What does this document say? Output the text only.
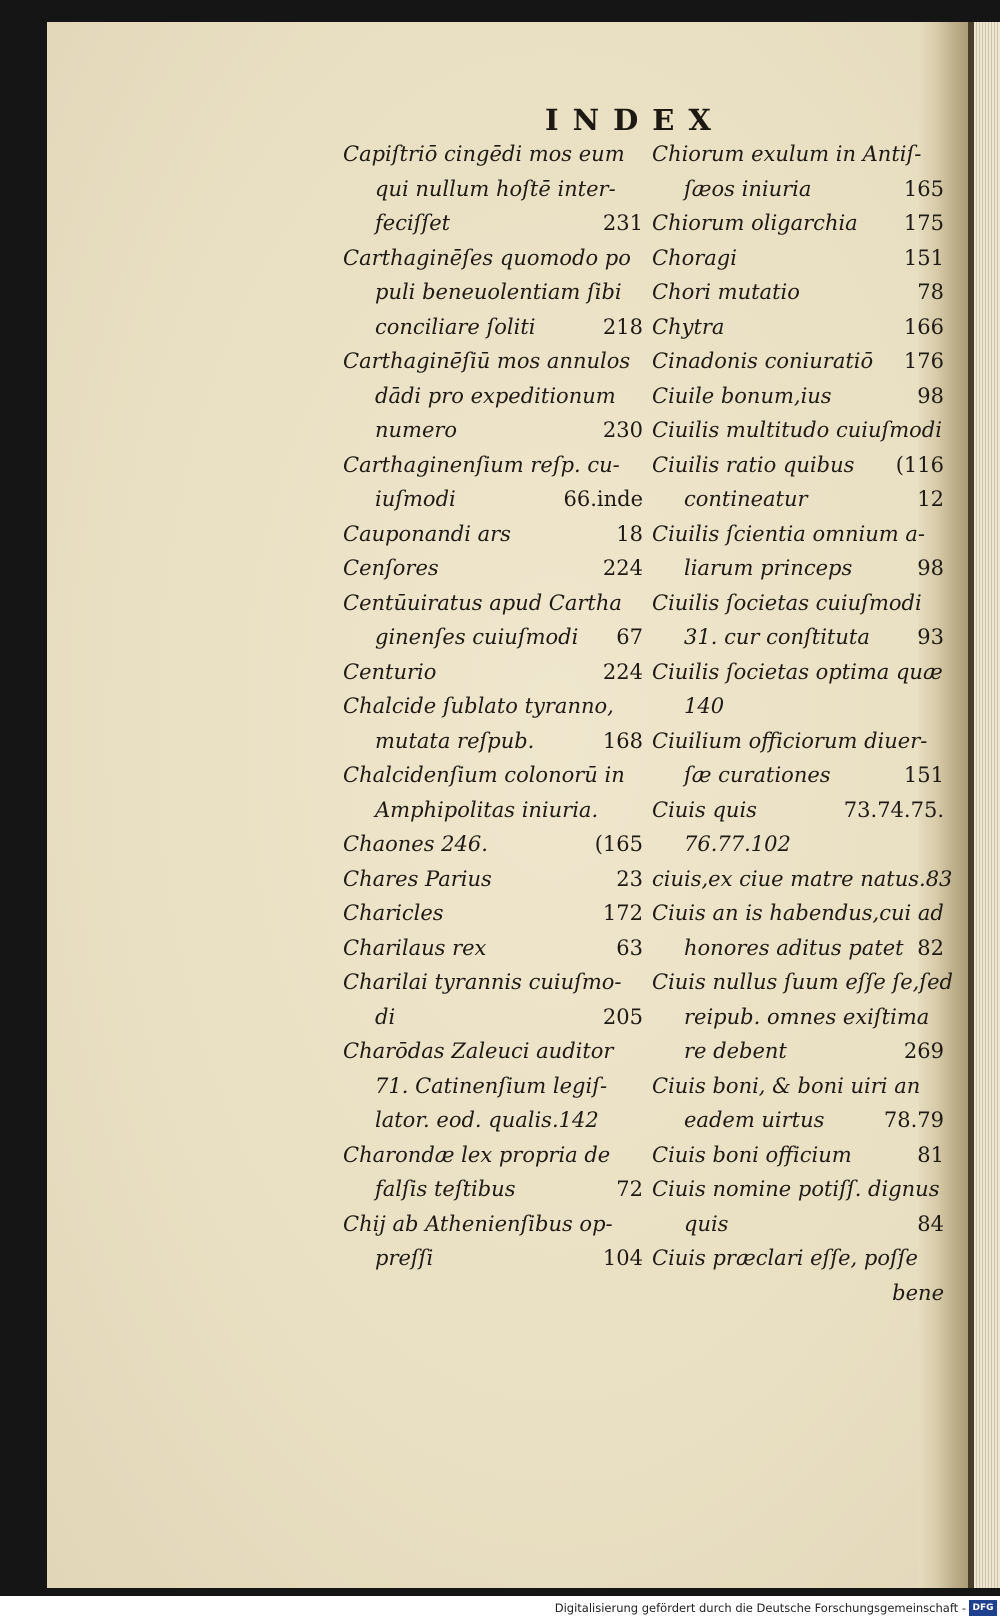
INDEX
Capiſtriō cingēdi mos eum
qui nullum hoſtē inter-
feciſſet	231
Carthaginēſes quomodo po
puli beneuolentiam ſibi
conciliare ſoliti	218
Carthaginēſiū mos annulos
dādi pro expeditionum
numero	230
Carthaginenſium reſp. cu-
iuſmodi	66.inde
Cauponandi ars	18
Cenſores	224
Centūuiratus apud Cartha
ginenſes cuiuſmodi 67
Centurio	224
Chalcide ſublato tyranno,
mutata reſpub.	168
Chalcidenſium colonorū in
Amphipolitas iniuria.
Chaones 246.	(165
Chares Parius	23
Charicles	172
Charilaus rex	63
Charilai tyrannis cuiuſmo-
di	205
Charōdas Zaleuci auditor
71. Catinenſium legiſ-
lator. eod. qualis.142
Charondæ lex propria de
falſis teſtibus	72
Chij ab Athenienſibus op-
preſſi	104
Chiorum exulum in Antiſ-
ſæos iniuria	165
Chiorum oligarchia 175
Choragi	151
Chori mutatio	78
Chytra	166
Cinadonis coniuratiō 176
Ciuile bonum,ius	98
Ciuilis multitudo cuiuſmodi
Ciuilis ratio quibus (116
contineatur	12
Ciuilis ſcientia omnium a-
liarum princeps	98
Ciuilis ſocietas cuiuſmodi
31. cur conſtituta 93
Ciuilis ſocietas optima quæ
140
Ciuilium officiorum diuer-
ſæ curationes	151
Ciuis quis	73.74.75.
76.77.102
ciuis,ex ciue matre natus.83
Ciuis an is habendus,cui ad
honores aditus patet 82
Ciuis nullus ſuum eſſe ſe,ſed
reipub. omnes exiſtima
re debent	269
Ciuis boni, & boni uiri an
eadem uirtus	78.79
Ciuis boni officium	81
Ciuis nomine potiſſ. dignus
quis	84
Ciuis præclari eſſe, poſſe
bene
Digitalisierung gefördert durch die Deutsche Forschungsgemeinschaft - DFG
